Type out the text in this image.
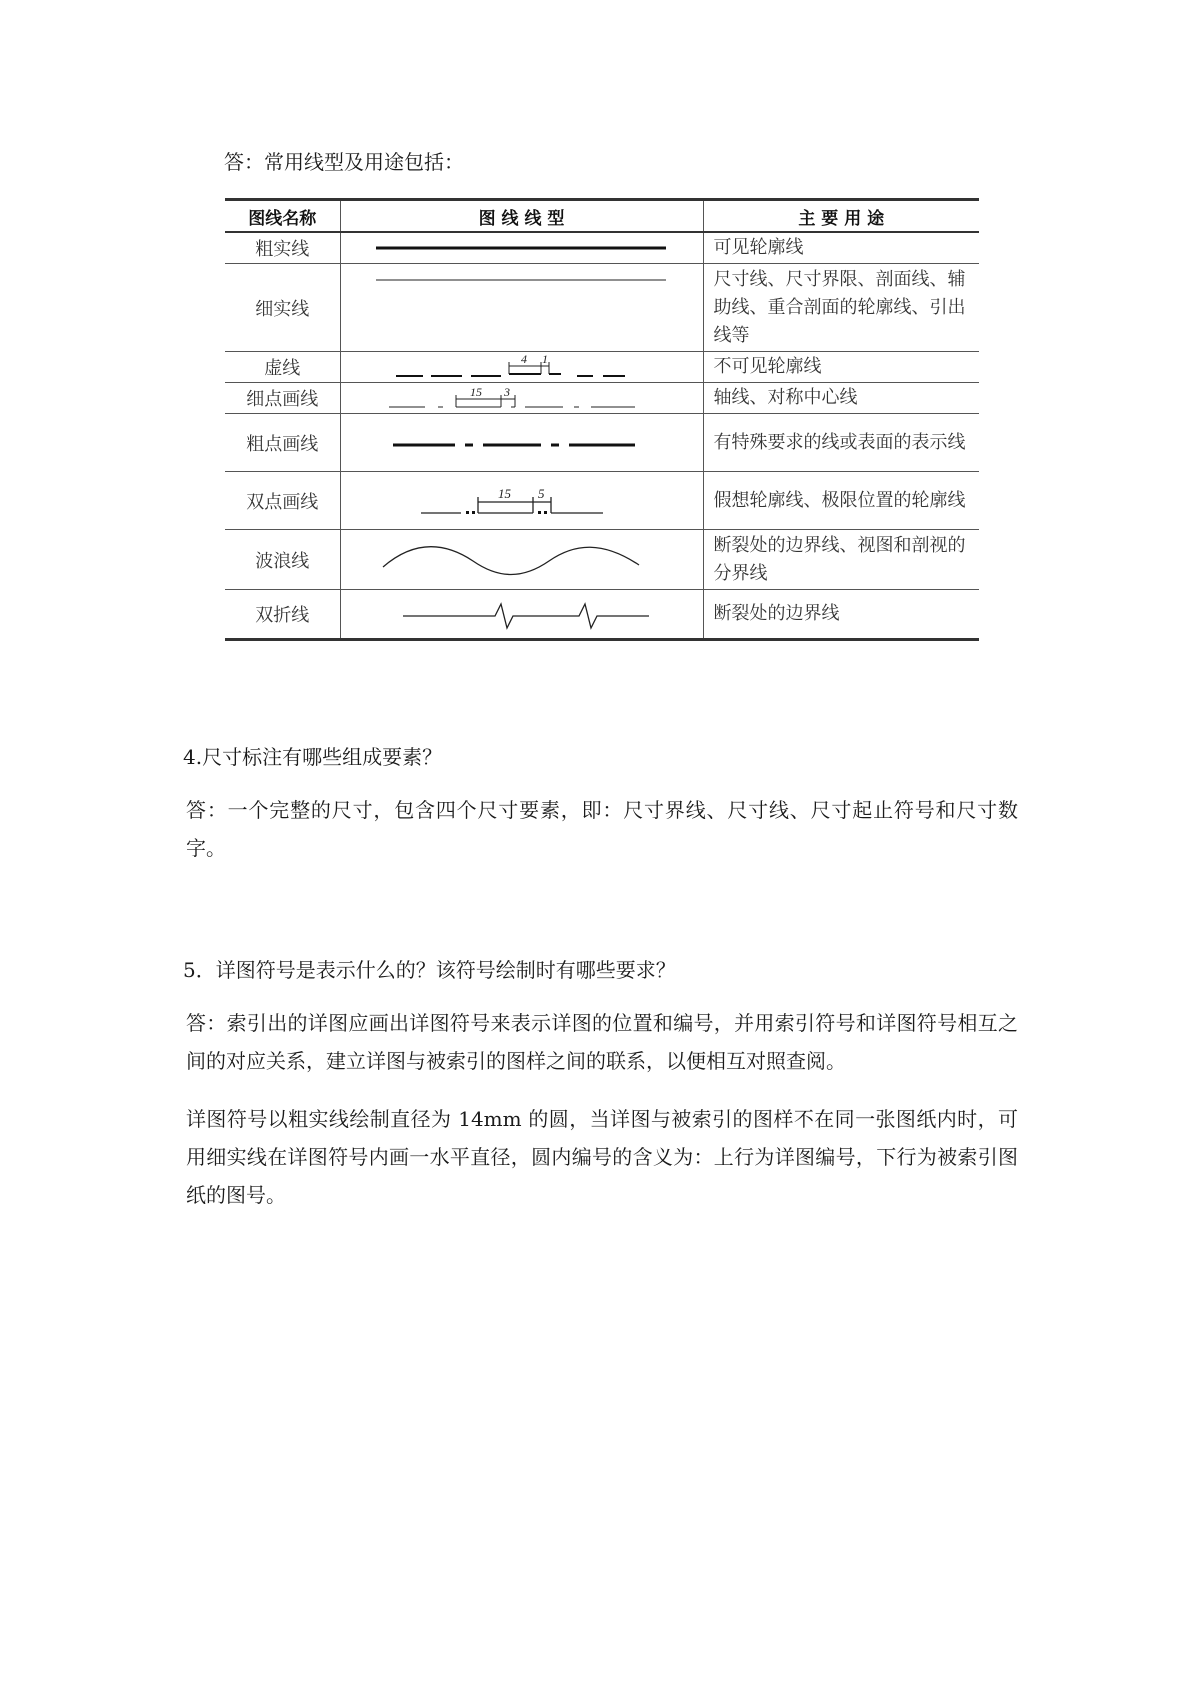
答：常用线型及用途包括：
图线名称	图 线 线 型	主 要 用 途
粗实线		可见轮廓线
细实线		尺寸线、尺寸界限、剖面线、辅助线、重合剖面的轮廓线、引出线等
虚线	4 1	不可见轮廓线
细点画线	15 3	轴线、对称中心线
粗点画线		有特殊要求的线或表面的表示线
双点画线	15 5	假想轮廓线、极限位置的轮廓线
波浪线		断裂处的边界线、视图和剖视的分界线
双折线		断裂处的边界线
4.尺寸标注有哪些组成要素？
答：一个完整的尺寸，包含四个尺寸要素，即：尺寸界线、尺寸线、尺寸起止符号和尺寸数字。
5．详图符号是表示什么的？该符号绘制时有哪些要求？
答：索引出的详图应画出详图符号来表示详图的位置和编号，并用索引符号和详图符号相互之间的对应关系，建立详图与被索引的图样之间的联系，以便相互对照查阅。
详图符号以粗实线绘制直径为 14mm 的圆，当详图与被索引的图样不在同一张图纸内时，可用细实线在详图符号内画一水平直径，圆内编号的含义为：上行为详图编号，下行为被索引图纸的图号。
